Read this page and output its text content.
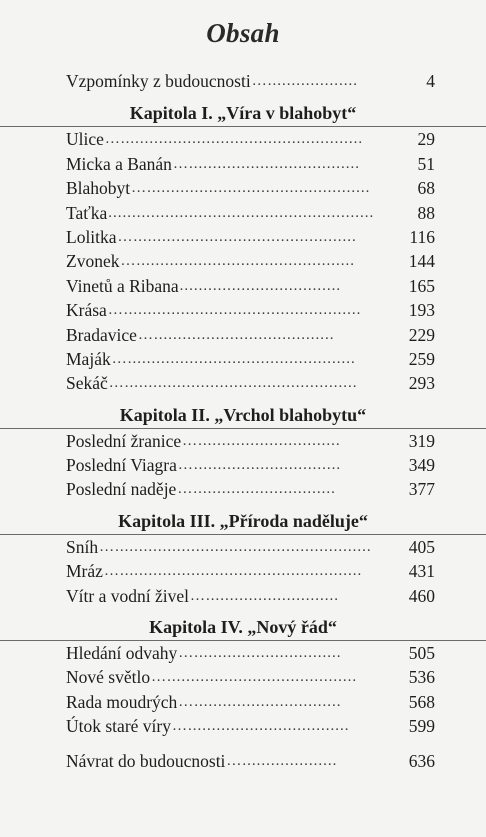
Obsah
Vzpomínky z budoucnosti …...................	4
Kapitola I. „Víra v blahobyt“
Ulice …...................................................	29
Micka a Banán …....................................	51
Blahobyt …...............................................	68
Taťka ........................................................	88
Lolitka …...............................................	116
Zvonek …..............................................	144
Vinetů a Ribana ..................................	165
Krása …..................................................	193
Bradavice …......................................	229
Maják …................................................	259
Sekáč ….................................................	293
Kapitola II. „Vrchol blahobytu“
Poslední žranice …..............................	319
Poslední Viagra …...............................	349
Poslední naděje …..............................	377
Kapitola III. „Příroda naděluje“
Sníh …......................................................	405
Mráz …...................................................	431
Vítr a vodní živel …............................	460
Kapitola IV. „Nový řád“
Hledání odvahy …...............................	505
Nové světlo …........................................	536
Rada moudrých …...............................	568
Útok staré víry …..................................	599
Návrat do budoucnosti …....................	636
